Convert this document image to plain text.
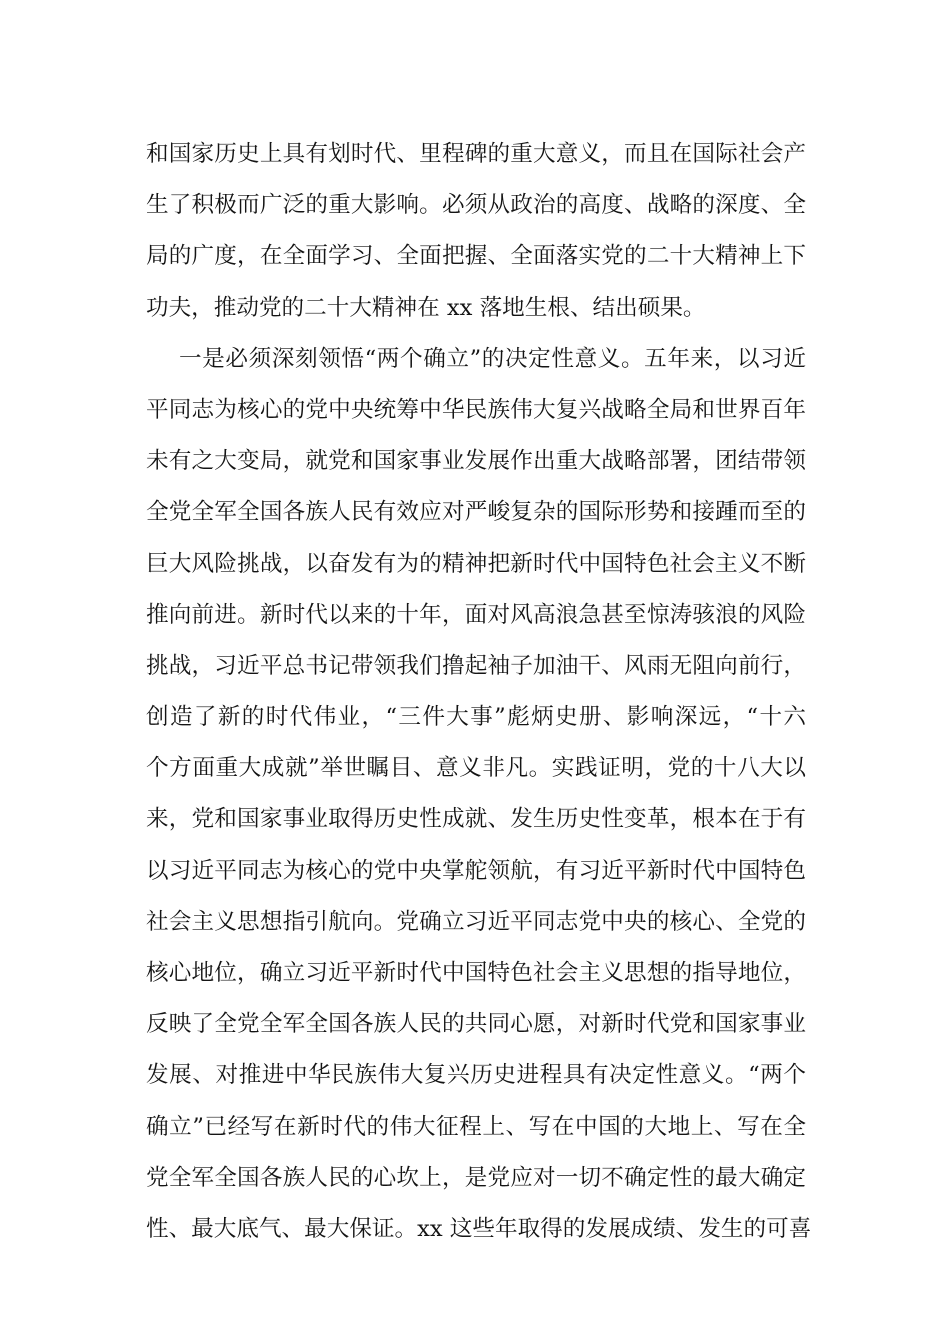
和国家历史上具有划时代、里程碑的重大意义，而且在国际社会产
生了积极而广泛的重大影响。必须从政治的高度、战略的深度、全
局的广度，在全面学习、全面把握、全面落实党的二十大精神上下
功夫，推动党的二十大精神在 xx 落地生根、结出硕果。
一是必须深刻领悟“两个确立”的决定性意义。五年来，以习近
平同志为核心的党中央统筹中华民族伟大复兴战略全局和世界百年
未有之大变局，就党和国家事业发展作出重大战略部署，团结带领
全党全军全国各族人民有效应对严峻复杂的国际形势和接踵而至的
巨大风险挑战，以奋发有为的精神把新时代中国特色社会主义不断
推向前进。新时代以来的十年，面对风高浪急甚至惊涛骇浪的风险
挑战，习近平总书记带领我们撸起袖子加油干、风雨无阻向前行，
创造了新的时代伟业，“三件大事”彪炳史册、影响深远，“十六
个方面重大成就”举世瞩目、意义非凡。实践证明，党的十八大以
来，党和国家事业取得历史性成就、发生历史性变革，根本在于有
以习近平同志为核心的党中央掌舵领航，有习近平新时代中国特色
社会主义思想指引航向。党确立习近平同志党中央的核心、全党的
核心地位，确立习近平新时代中国特色社会主义思想的指导地位，
反映了全党全军全国各族人民的共同心愿，对新时代党和国家事业
发展、对推进中华民族伟大复兴历史进程具有决定性意义。“两个
确立”已经写在新时代的伟大征程上、写在中国的大地上、写在全
党全军全国各族人民的心坎上，是党应对一切不确定性的最大确定
性、最大底气、最大保证。xx 这些年取得的发展成绩、发生的可喜
